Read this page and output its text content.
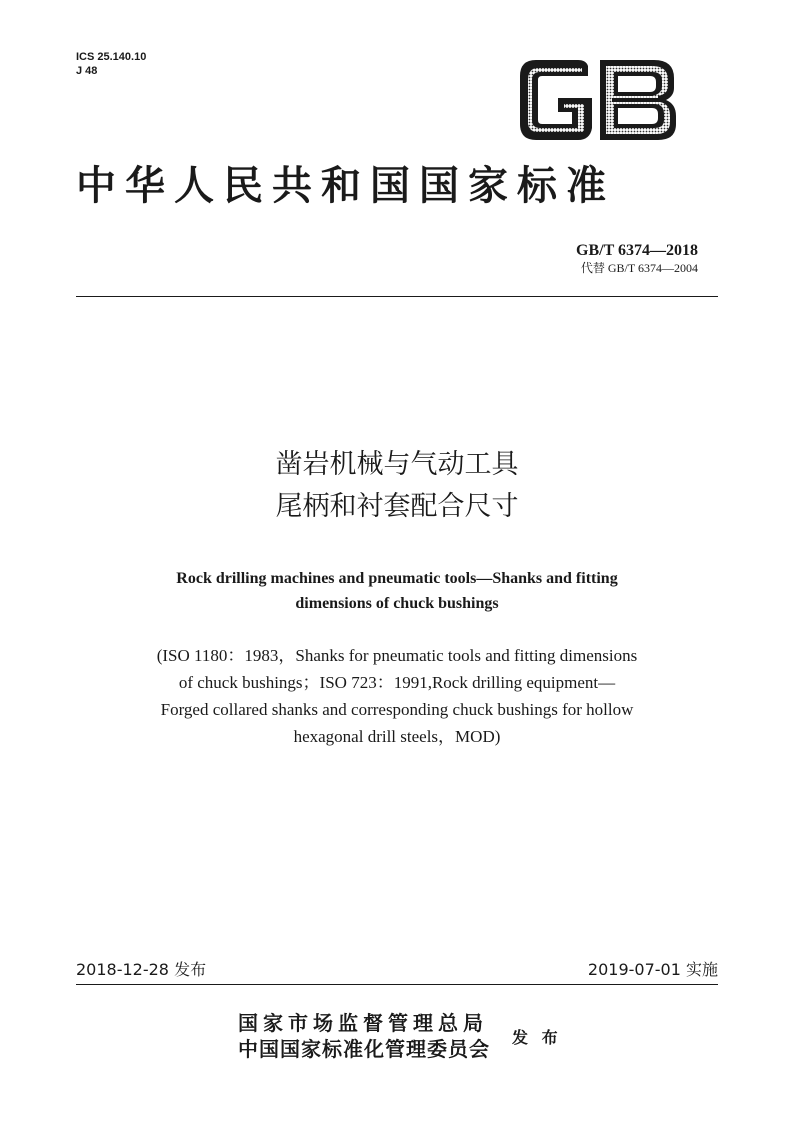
ICS 25.140.10
J 48
中华人民共和国国家标准
GB/T 6374—2018
代替 GB/T 6374—2004
凿岩机械与气动工具
尾柄和衬套配合尺寸
Rock drilling machines and pneumatic tools—Shanks and fitting
dimensions of chuck bushings
(ISO 1180：1983，Shanks for pneumatic tools and fitting dimensions
of chuck bushings；ISO 723：1991,Rock drilling equipment—
Forged collared shanks and corresponding chuck bushings for hollow
hexagonal drill steels，MOD)
2018-12-28 发布	2019-07-01 实施
国家市场监督管理总局
中国国家标准化管理委员会 发 布
